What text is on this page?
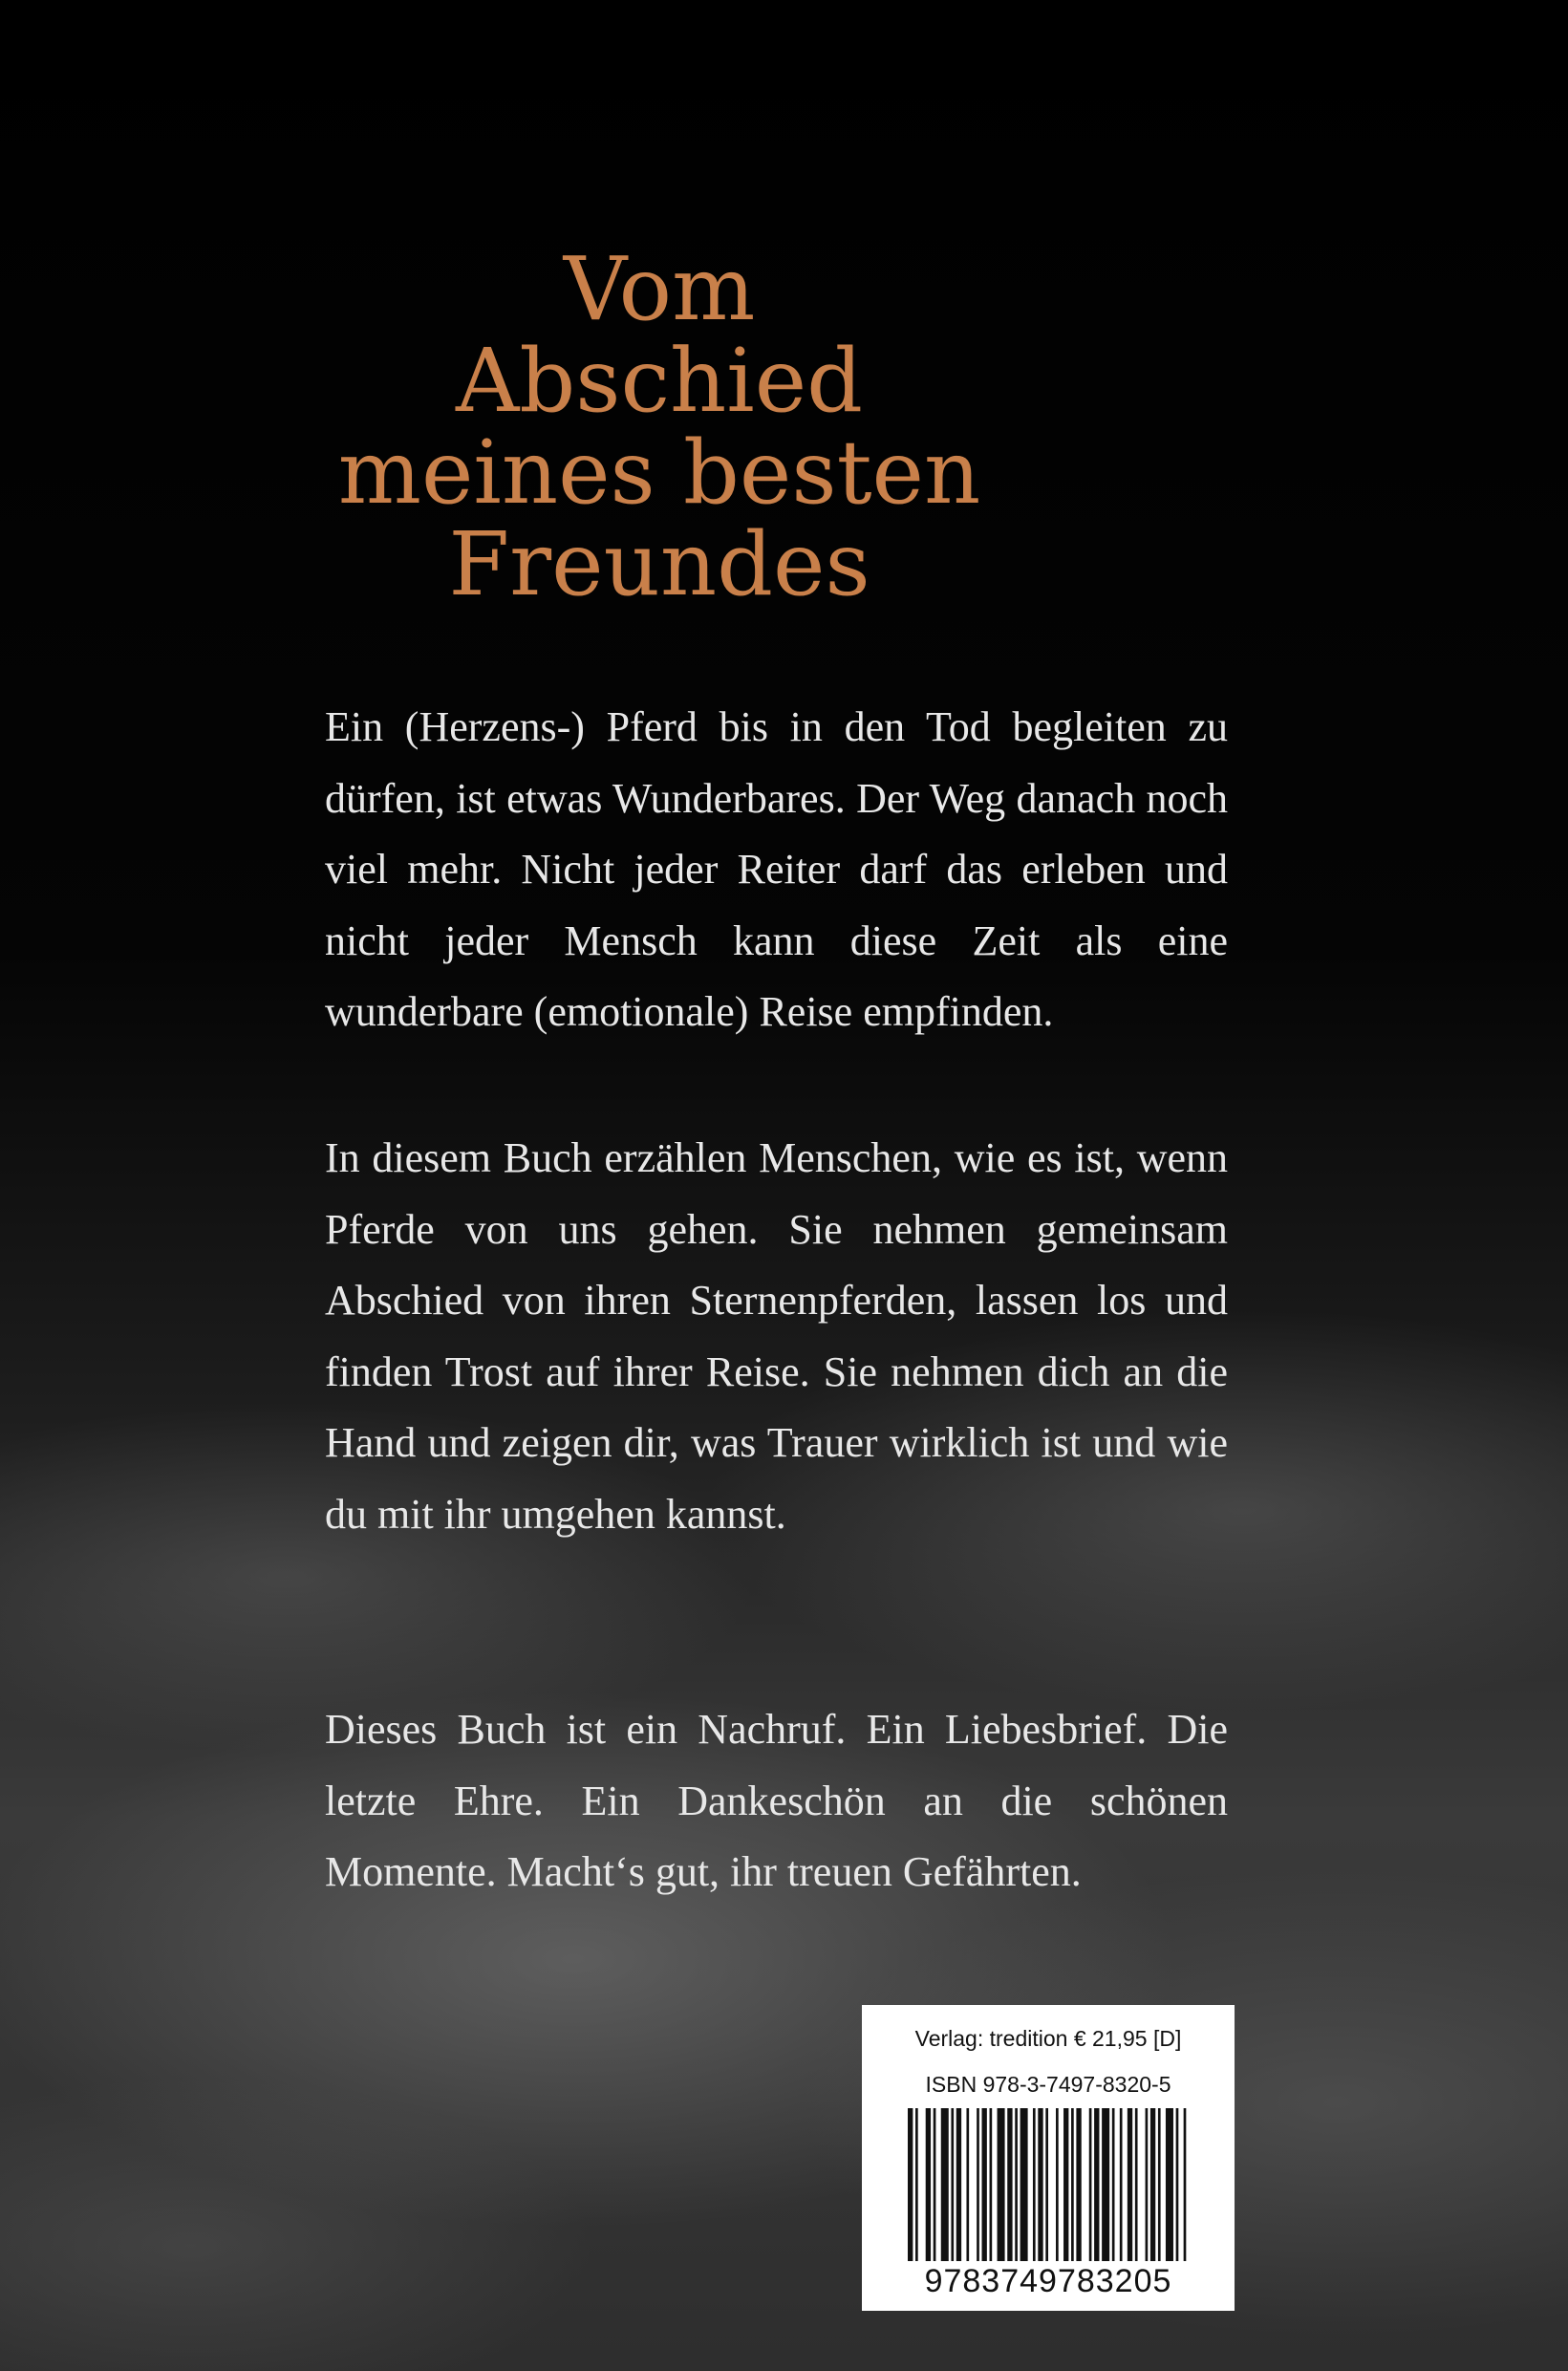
Vom
Abschied
meines besten
Freundes
Ein (Herzens-) Pferd bis in den Tod begleiten zu dürfen, ist etwas Wunderbares. Der Weg danach noch viel mehr. Nicht jeder Reiter darf das erleben und nicht jeder Mensch kann diese Zeit als eine wunderbare (emotionale) Reise empfinden.
In diesem Buch erzählen Menschen, wie es ist, wenn Pferde von uns gehen. Sie nehmen gemeinsam Abschied von ihren Sternenpferden, lassen los und finden Trost auf ihrer Reise. Sie nehmen dich an die Hand und zeigen dir, was Trauer wirklich ist und wie du mit ihr umgehen kannst.
Dieses Buch ist ein Nachruf. Ein Liebesbrief. Die letzte Ehre. Ein Dankeschön an die schönen Momente. Macht‘s gut, ihr treuen Gefährten.
Verlag: tredition € 21,95 [D]
ISBN 978-3-7497-8320-5
9783749783205
